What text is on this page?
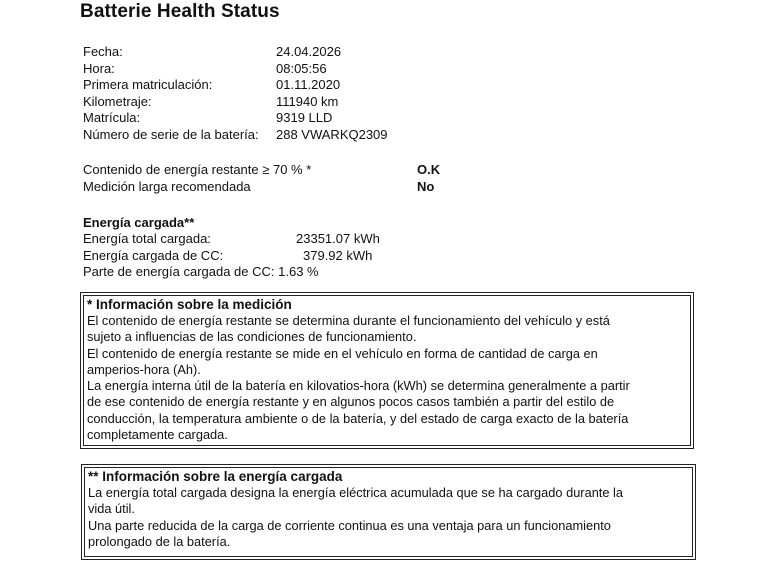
Batterie Health Status
Fecha:	24.04.2026
Hora:	08:05:56
Primera matriculación:	01.11.2020
Kilometraje:	111940 km
Matrícula:	9319 LLD
Número de serie de la batería: 288 VWARKQ2309
Contenido de energía restante ≥ 70 % *	O.K
Medición larga recomendada	No
Energía cargada**
Energía total cargada:	23351.07 kWh
Energía cargada de CC:	379.92 kWh
Parte de energía cargada de CC: 1.63 %
* Información sobre la medición
El contenido de energía restante se determina durante el funcionamiento del vehículo y está
sujeto a influencias de las condiciones de funcionamiento.
El contenido de energía restante se mide en el vehículo en forma de cantidad de carga en
amperios-hora (Ah).
La energía interna útil de la batería en kilovatios-hora (kWh) se determina generalmente a partir
de ese contenido de energía restante y en algunos pocos casos también a partir del estilo de
conducción, la temperatura ambiente o de la batería, y del estado de carga exacto de la batería
completamente cargada.
** Información sobre la energía cargada
La energía total cargada designa la energía eléctrica acumulada que se ha cargado durante la
vida útil.
Una parte reducida de la carga de corriente continua es una ventaja para un funcionamiento
prolongado de la batería.
